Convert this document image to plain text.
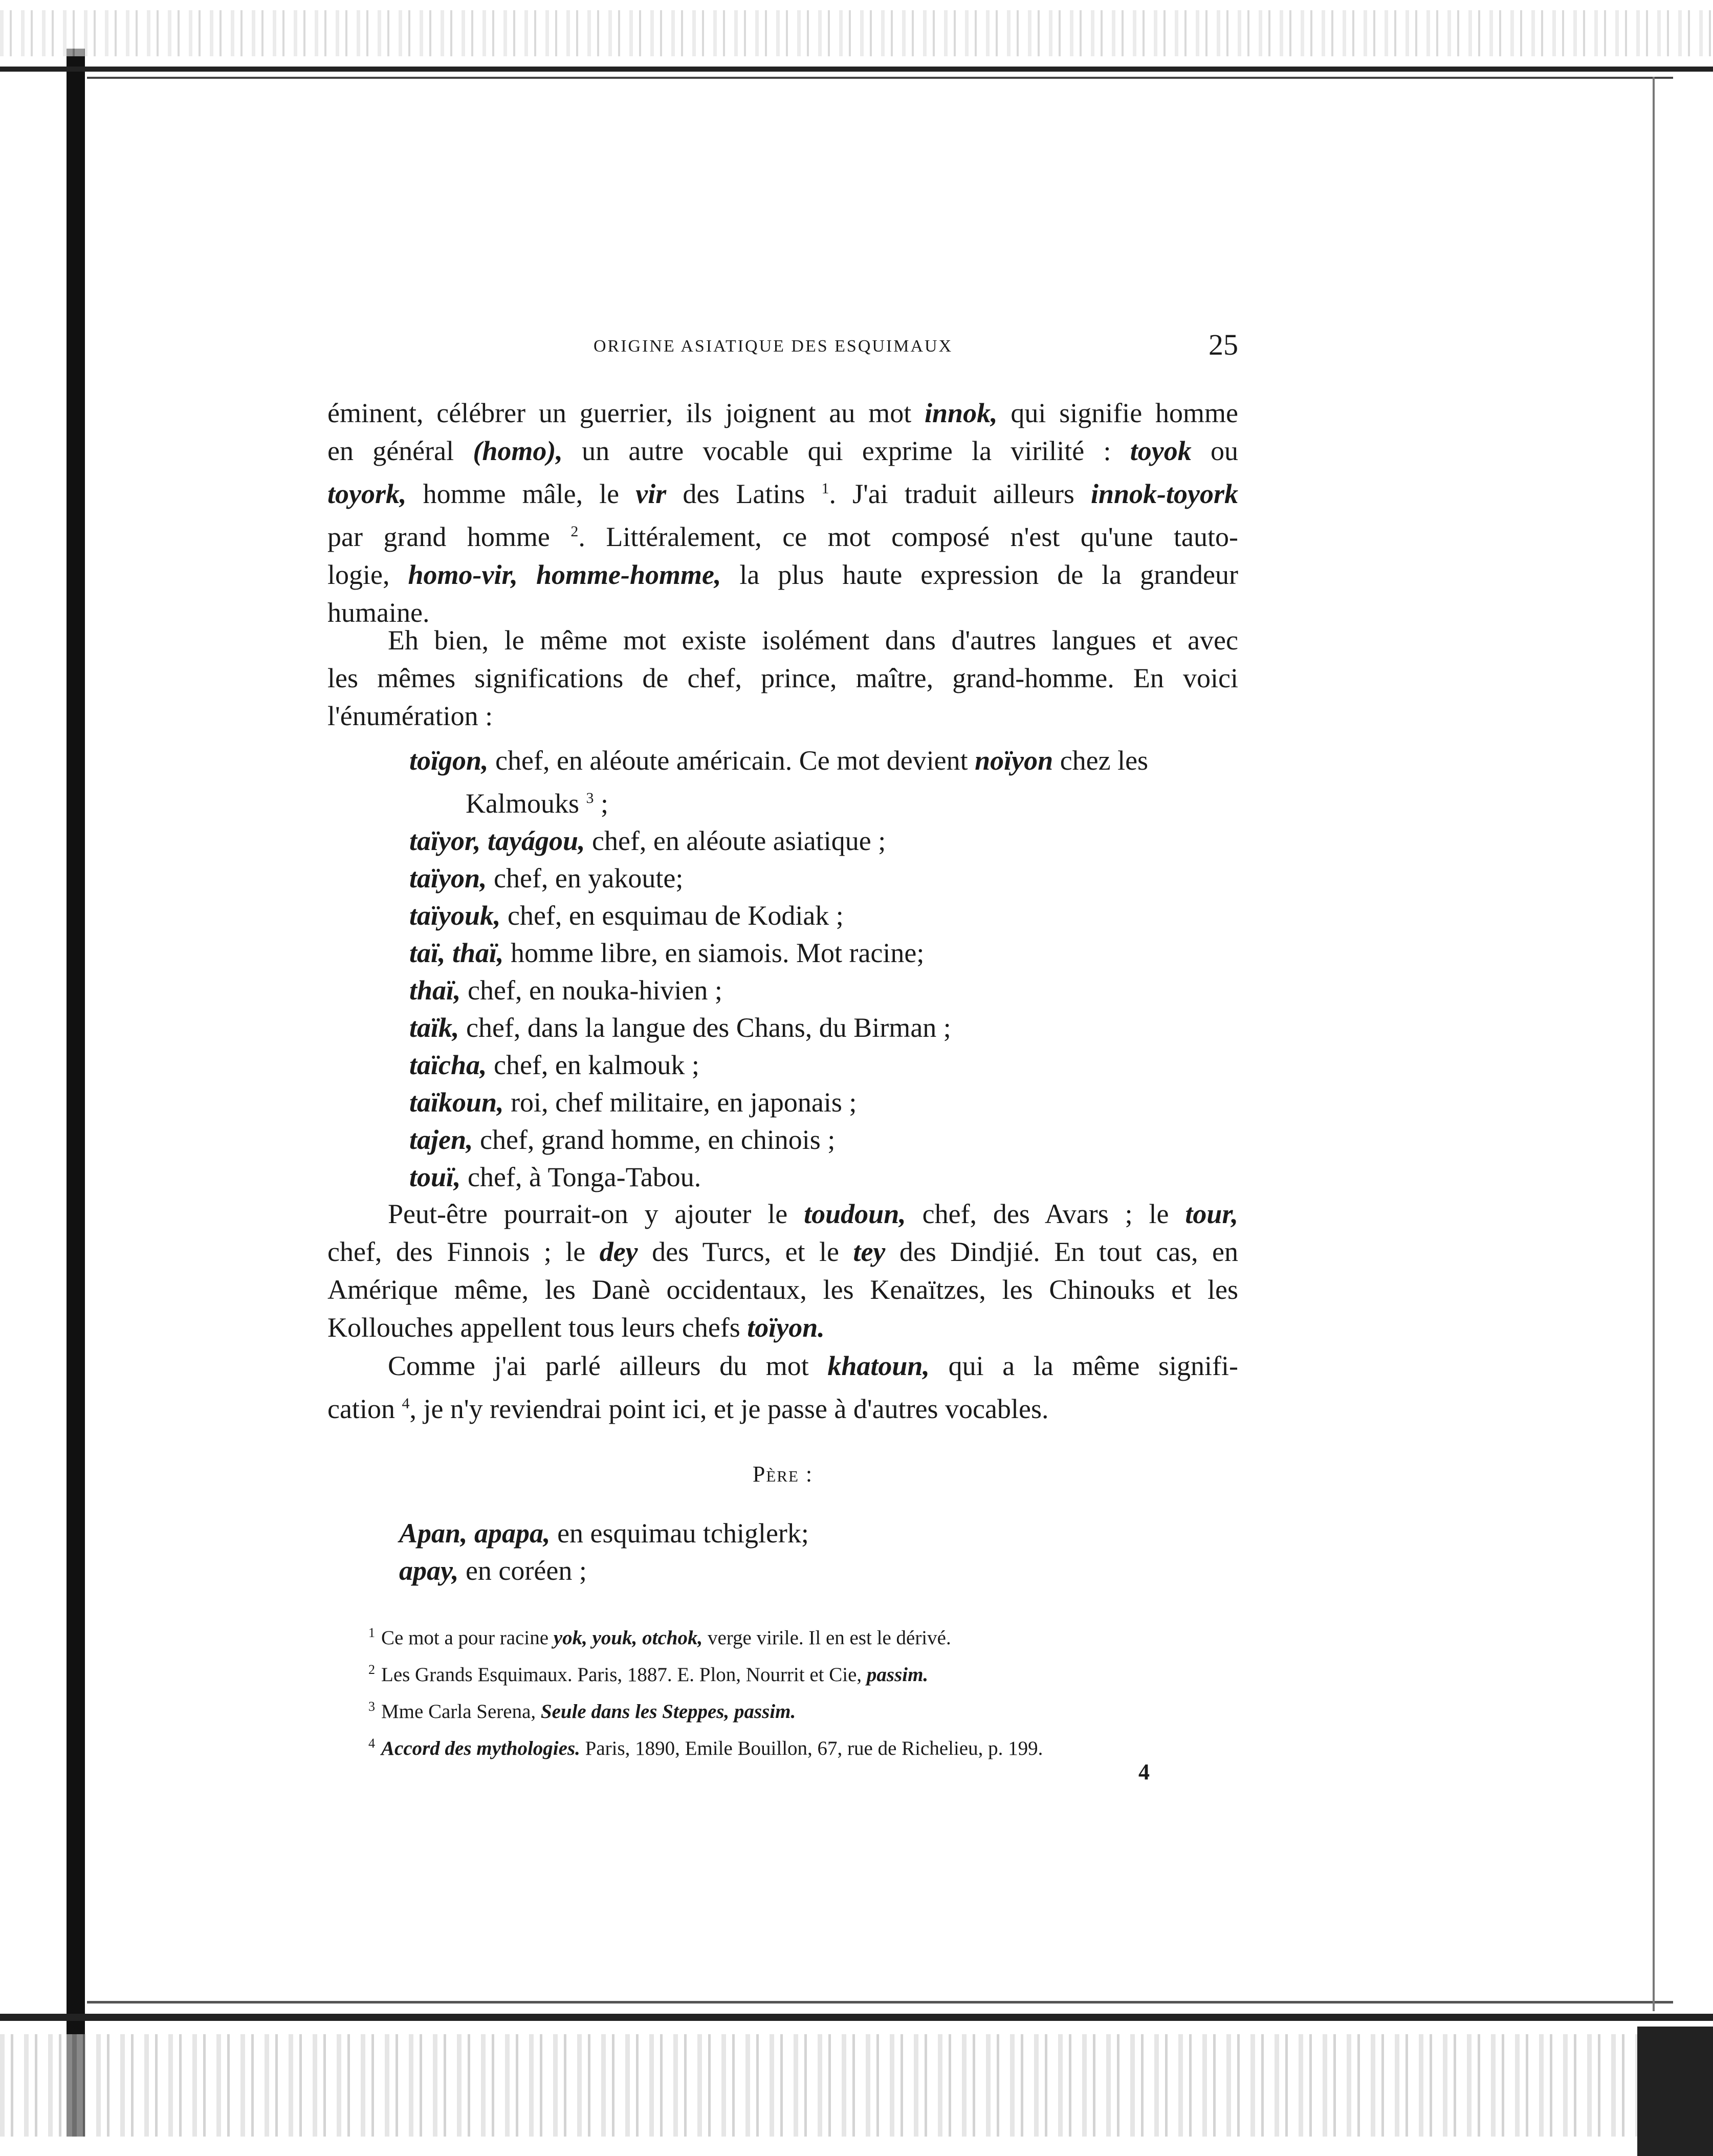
ORIGINE ASIATIQUE DES ESQUIMAUX	25
éminent, célébrer un guerrier, ils joignent au mot innok, qui signifie homme
en général (homo), un autre vocable qui exprime la virilité : toyok ou
toyork, homme mâle, le vir des Latins $^1$. J'ai traduit ailleurs innok-toyork
par grand homme $^2$. Littéralement, ce mot composé n'est qu'une tauto-
logie, homo-vir, homme-homme, la plus haute expression de la grandeur
humaine.
Eh bien, le même mot existe isolément dans d'autres langues et avec
les mêmes significations de chef, prince, maître, grand-homme. En voici
l'énumération :
toïgon, chef, en aléoute américain. Ce mot devient noïyon chez les
Kalmouks $^3$ ;
taïyor, tayágou, chef, en aléoute asiatique ;
taïyon, chef, en yakoute;
taïyouk, chef, en esquimau de Kodiak ;
taï, thaï, homme libre, en siamois. Mot racine;
thaï, chef, en nouka-hivien ;
taïk, chef, dans la langue des Chans, du Birman ;
taïcha, chef, en kalmouk ;
taïkoun, roi, chef militaire, en japonais ;
tajen, chef, grand homme, en chinois ;
touï, chef, à Tonga-Tabou.
Peut-être pourrait-on y ajouter le toudoun, chef, des Avars ; le tour,
chef, des Finnois ; le dey des Turcs, et le tey des Dindjié. En tout cas, en
Amérique même, les Danè occidentaux, les Kenaïtzes, les Chinouks et les
Kollouches appellent tous leurs chefs toïyon.
Comme j'ai parlé ailleurs du mot khatoun, qui a la même signifi-
cation $^4$, je n'y reviendrai point ici, et je passe à d'autres vocables.
Père :
Apan, apapa, en esquimau tchiglerk;
apay, en coréen ;
$^1$ Ce mot a pour racine yok, youk, otchok, verge virile. Il en est le dérivé.
$^2$ Les Grands Esquimaux. Paris, 1887. E. Plon, Nourrit et Cie, passim.
$^3$ Mme Carla Serena, Seule dans les Steppes, passim.
$^4$ Accord des mythologies. Paris, 1890, Emile Bouillon, 67, rue de Richelieu, p. 199.
4
